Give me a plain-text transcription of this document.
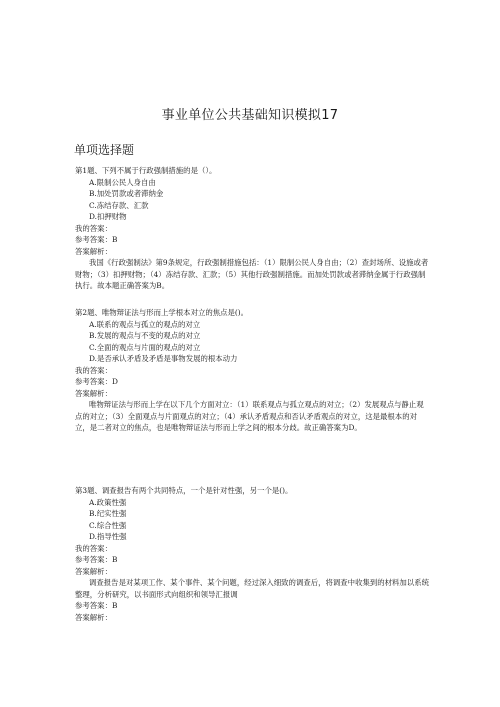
事业单位公共基础知识模拟17
单项选择题
第1题、下列不属于行政强制措施的是（）。
A.限制公民人身自由
B.加处罚款或者滞纳金
C.冻结存款、汇款
D.扣押财物
我的答案：
参考答案：B
答案解析：
我国《行政强制法》第9条规定，行政强制措施包括：（1）限制公民人身自由；（2）查封场所、设施或者财物；（3）扣押财物；（4）冻结存款、汇款；（5）其他行政强制措施。而加处罚款或者滞纳金属于行政强制执行。故本题正确答案为B。
第2题、唯物辩证法与形而上学根本对立的焦点是()。
A.联系的观点与孤立的观点的对立
B.发展的观点与不变的观点的对立
C.全面的观点与片面的观点的对立
D.是否承认矛盾及矛盾是事物发展的根本动力
我的答案：
参考答案：D
答案解析：
唯物辩证法与形而上学在以下几个方面对立：（1）联系观点与孤立观点的对立；（2）发展观点与静止观点的对立；（3）全面观点与片面观点的对立；（4）承认矛盾观点和否认矛盾观点的对立，这是最根本的对立，是二者对立的焦点，也是唯物辩证法与形而上学之间的根本分歧。故正确答案为D。
第3题、调查报告有两个共同特点，一个是针对性强，另一个是()。
A.政策性强
B.纪实性强
C.综合性强
D.指导性强
我的答案：
参考答案：B
答案解析：
调查报告是对某项工作、某个事件、某个问题，经过深入细致的调查后，将调查中收集到的材料加以系统整理，分析研究，以书面形式向组织和领导汇报调
参考答案：B
答案解析：
